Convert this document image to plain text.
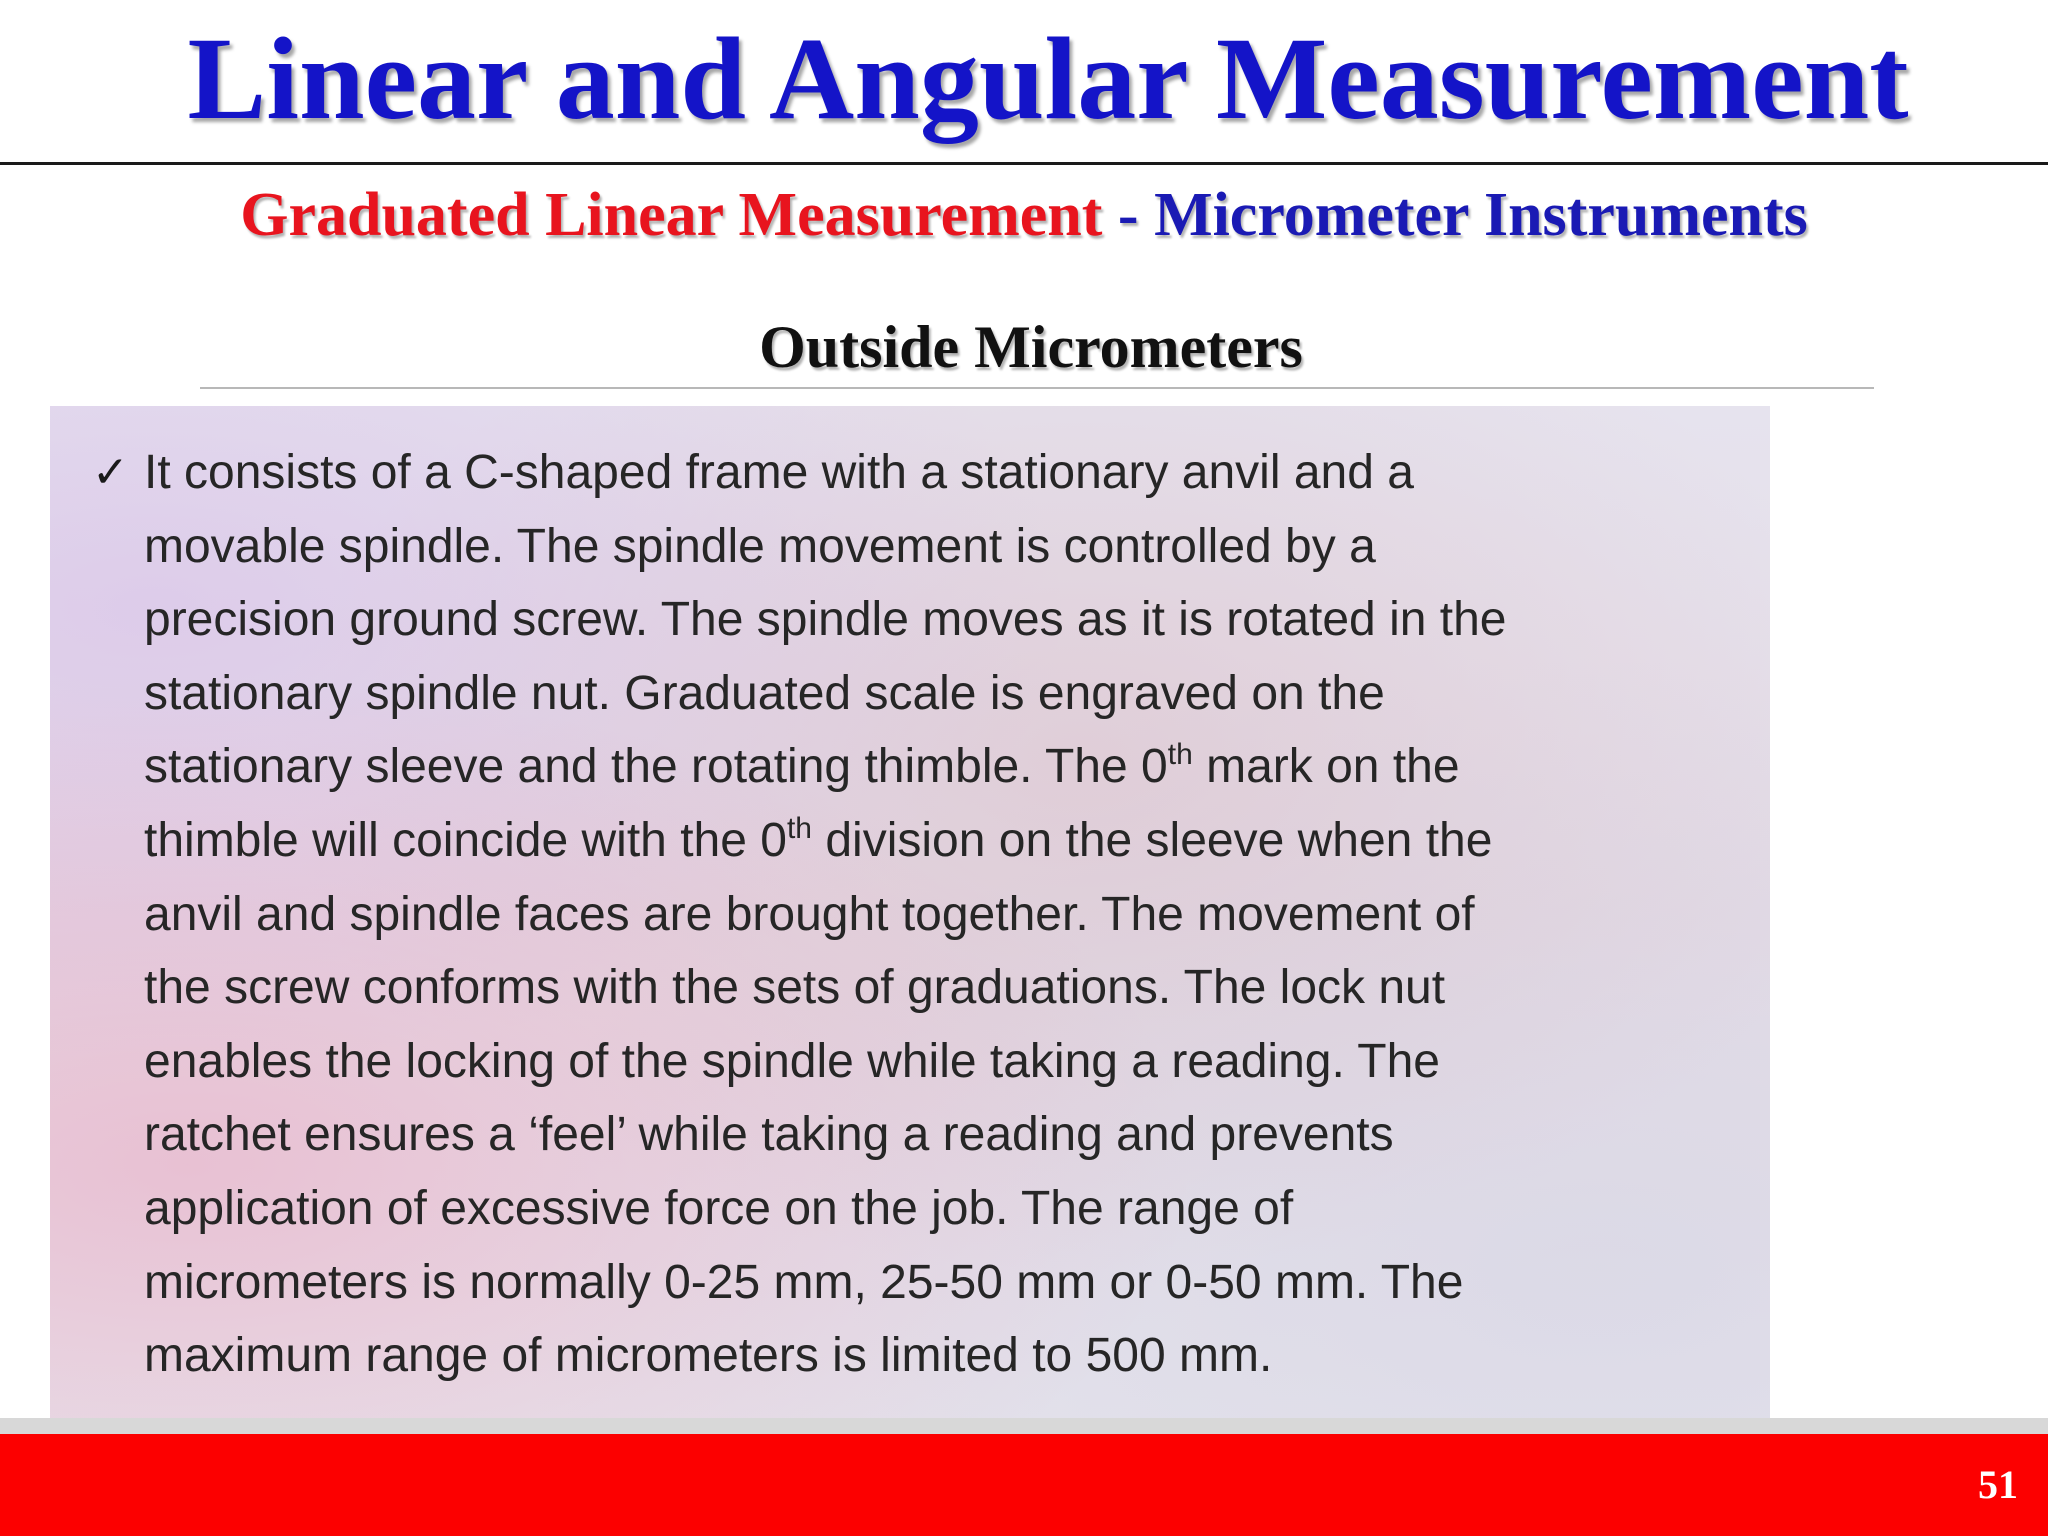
Linear and Angular Measurement
Graduated Linear Measurement - Micrometer Instruments
Outside Micrometers
✓ It consists of a C-shaped frame with a stationary anvil and a
movable spindle. The spindle movement is controlled by a
precision ground screw. The spindle moves as it is rotated in the
stationary spindle nut. Graduated scale is engraved on the
stationary sleeve and the rotating thimble. The 0th mark on the
thimble will coincide with the 0th division on the sleeve when the
anvil and spindle faces are brought together. The movement of
the screw conforms with the sets of graduations. The lock nut
enables the locking of the spindle while taking a reading. The
ratchet ensures a ‘feel’ while taking a reading and prevents
application of excessive force on the job. The range of
micrometers is normally 0-25 mm, 25-50 mm or 0-50 mm. The
maximum range of micrometers is limited to 500 mm.

51
